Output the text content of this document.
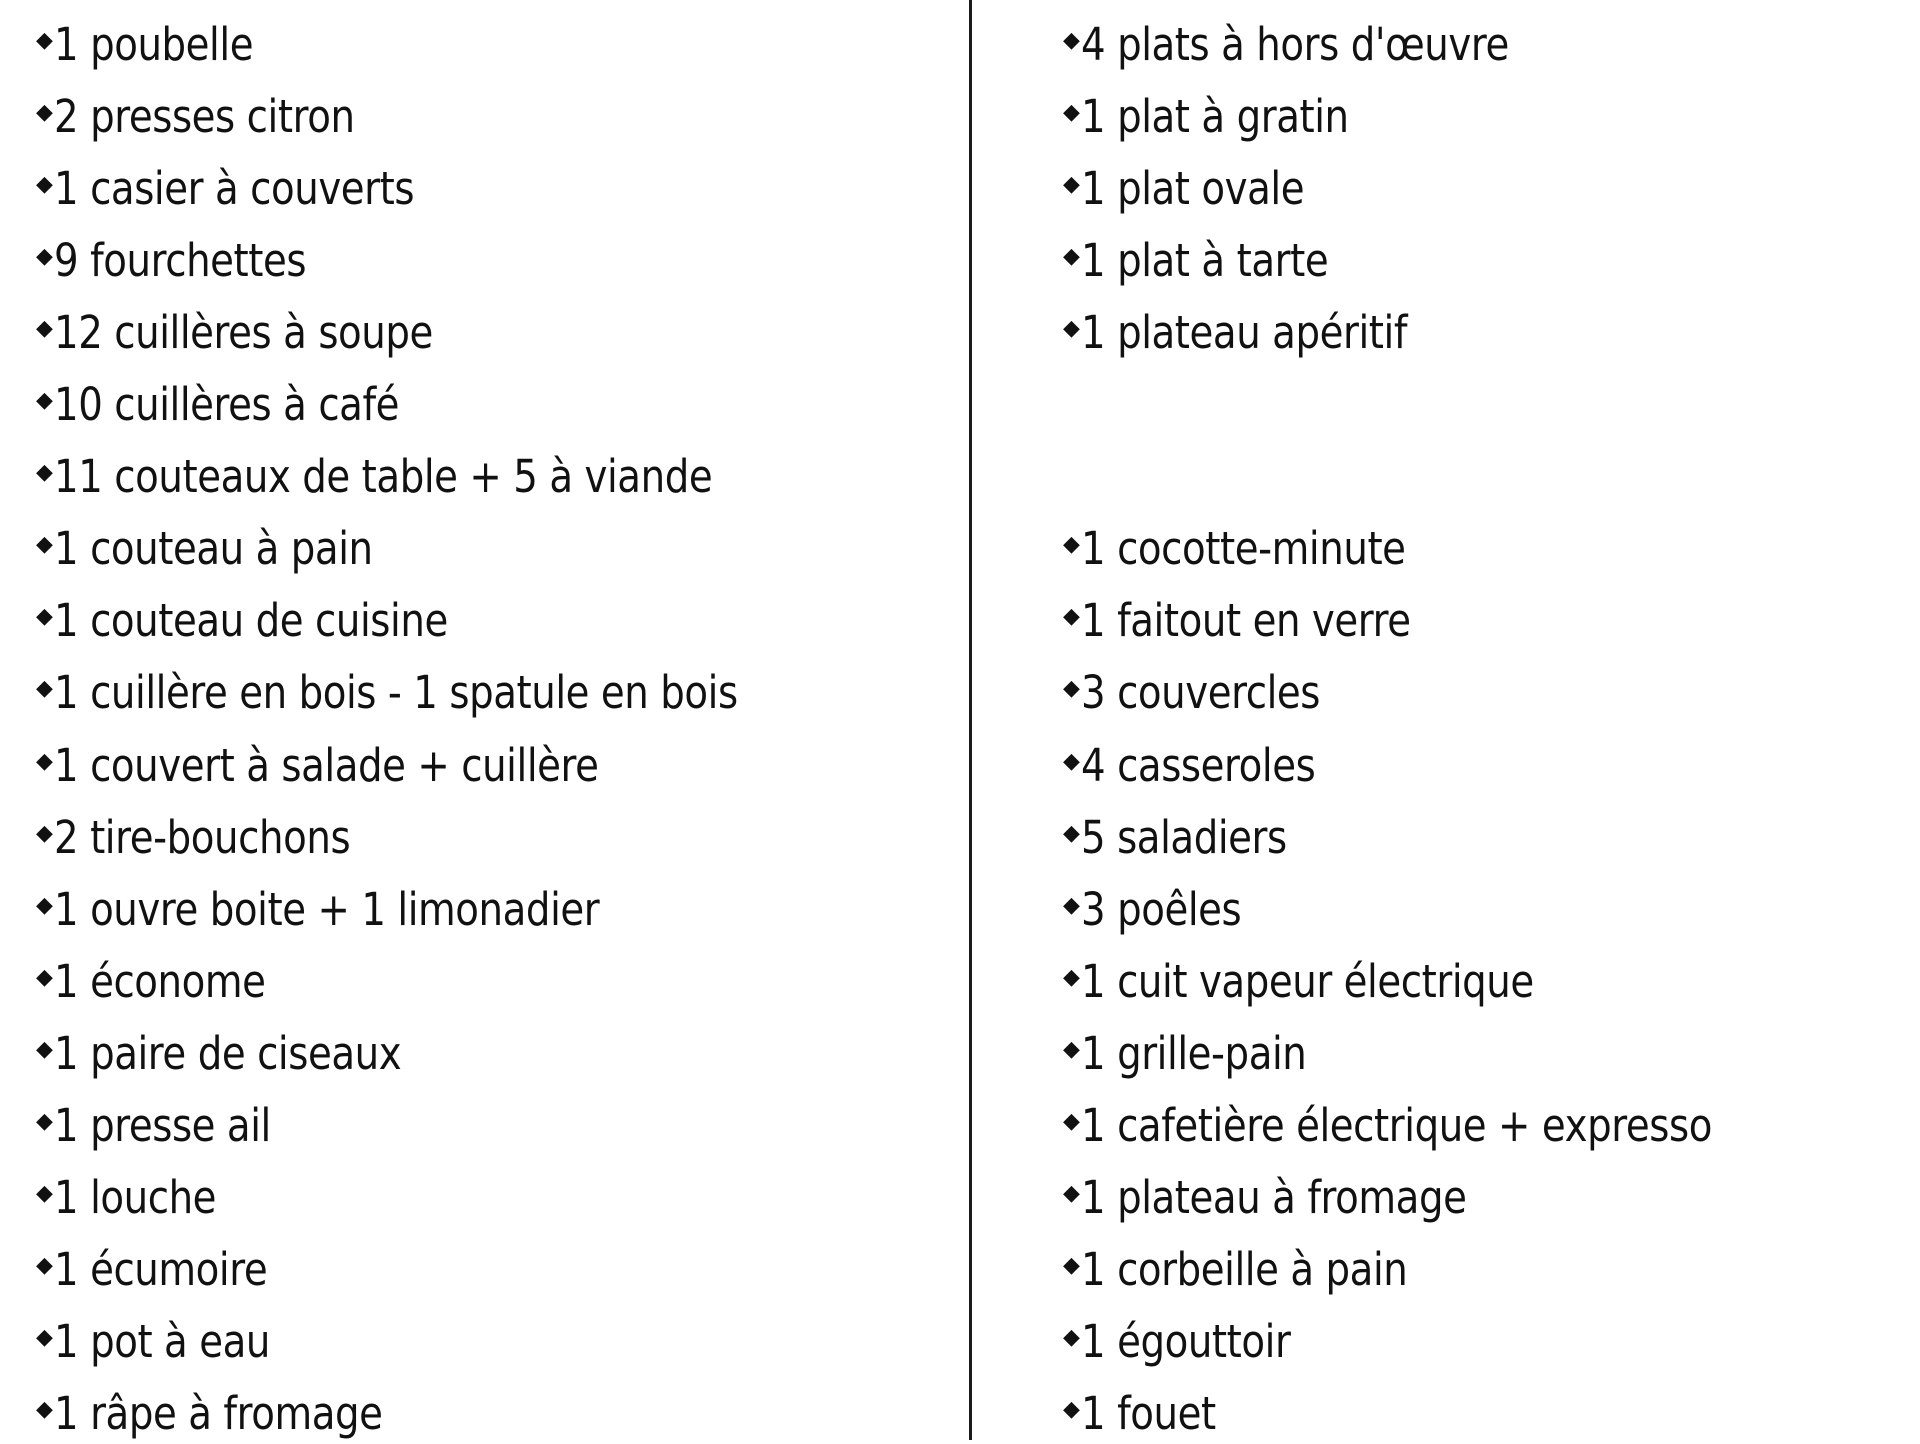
◆ 1 poubelle
◆ 2 presses citron
◆ 1 casier à couverts
◆ 9 fourchettes
◆ 12 cuillères à soupe
◆ 10 cuillères à café
◆ 11 couteaux de table + 5 à viande
◆ 1 couteau à pain
◆ 1 couteau de cuisine
◆ 1 cuillère en bois - 1 spatule en bois
◆ 1 couvert à salade + cuillère
◆ 2 tire-bouchons
◆ 1 ouvre boite + 1 limonadier
◆ 1 économe
◆ 1 paire de ciseaux
◆ 1 presse ail
◆ 1 louche
◆ 1 écumoire
◆ 1 pot à eau
◆ 1 râpe à fromage
◆ 4 plats à hors d'œuvre
◆ 1 plat à gratin
◆ 1 plat ovale
◆ 1 plat à tarte
◆ 1 plateau apéritif
◆ 1 cocotte-minute
◆ 1 faitout en verre
◆ 3 couvercles
◆ 4 casseroles
◆ 5 saladiers
◆ 3 poêles
◆ 1 cuit vapeur électrique
◆ 1 grille-pain
◆ 1 cafetière électrique + expresso
◆ 1 plateau à fromage
◆ 1 corbeille à pain
◆ 1 égouttoir
◆ 1 fouet
